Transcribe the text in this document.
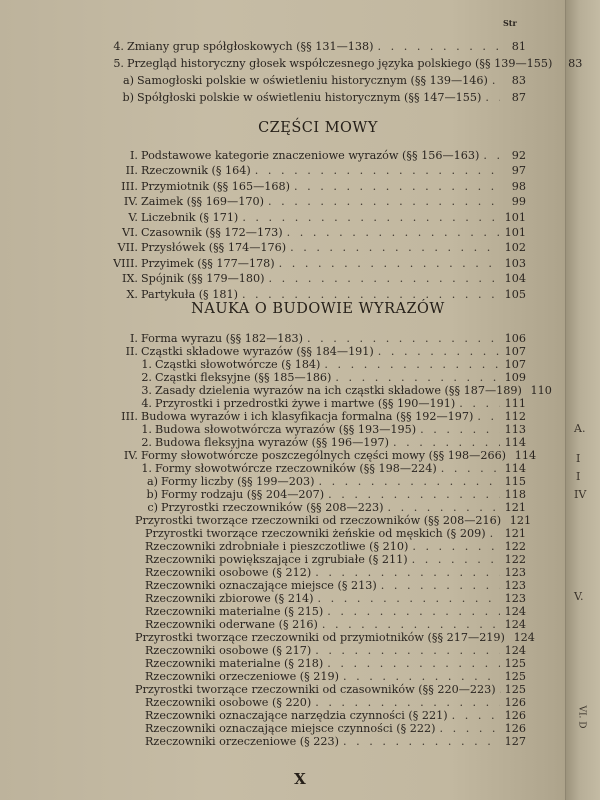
A.
I
I
IV
V.
VI. D
Str
4. Zmiany grup spółgłoskowych (§§ 131—138) . . .	81
5. Przegląd historyczny głosek współczesnego języka polskiego (§§ 139—155)	83
a) Samogłoski polskie w oświetleniu historycznym (§§ 139—146) . . .	83
b) Spółgłoski polskie w oświetleniu historycznym (§§ 147—155) . . .	87
CZĘŚCI MOWY
I. Podstawowe kategorie znaczeniowe wyrazów (§§ 156—163) . . .	92
II. Rzeczownik (§ 164) . . .	97
III. Przymiotnik (§§ 165—168) . . .	98
IV. Zaimek (§§ 169—170) . . .	99
V. Liczebnik (§ 171) . . .	101
VI. Czasownik (§§ 172—173) . . .	101
VII. Przysłówek (§§ 174—176) . . .	102
VIII. Przyimek (§§ 177—178) . . .	103
IX. Spójnik (§§ 179—180) . . .	104
X. Partykuła (§ 181) . . .	105
NAUKA O BUDOWIE WYRAZÓW
I. Forma wyrazu (§§ 182—183) . . .	106
II. Cząstki składowe wyrazów (§§ 184—191) . . .	107
1. Cząstki słowotwórcze (§ 184) . . .	107
2. Cząstki fleksyjne (§§ 185—186) . . .	109
3. Zasady dzielenia wyrazów na ich cząstki składowe (§§ 187—189) 110
4. Przyrostki i przedrostki żywe i martwe (§§ 190—191) . . .	111
III. Budowa wyrazów i ich klasyfikacja formalna (§§ 192—197) . . .	112
1. Budowa słowotwórcza wyrazów (§§ 193—195) . . .	113
2. Budowa fleksyjna wyrazów (§§ 196—197) . . .	114
IV. Formy słowotwórcze poszczególnych części mowy (§§ 198—266) 114
1. Formy słowotwórcze rzeczowników (§§ 198—224) . . .	114
a) Formy liczby (§§ 199—203) . . .	115
b) Formy rodzaju (§§ 204—207) . . .	118
c) Przyrostki rzeczowników (§§ 208—223) . . .	121
Przyrostki tworzące rzeczowniki od rzeczowników (§§ 208—216) 121
Przyrostki tworzące rzeczowniki żeńskie od męskich (§ 209) . . . 121
Rzeczowniki zdrobniałe i pieszczotliwe (§ 210) . . .	122
Rzeczowniki powiększające i zgrubiałe (§ 211) . . .	122
Rzeczowniki osobowe (§ 212) . . .	123
Rzeczowniki oznaczające miejsce (§ 213) . . .	123
Rzeczowniki zbiorowe (§ 214) . . .	123
Rzeczowniki materialne (§ 215) . . .	124
Rzeczowniki oderwane (§ 216) . . .	124
Przyrostki tworzące rzeczowniki od przymiotników (§§ 217—219) 124
Rzeczowniki osobowe (§ 217) . . .	124
Rzeczowniki materialne (§ 218) . . .	125
Rzeczowniki orzeczeniowe (§ 219) . . .	125
Przyrostki tworzące rzeczowniki od czasowników (§§ 220—223) . . . 125
Rzeczowniki osobowe (§ 220) . . .	126
Rzeczowniki oznaczające narzędzia czynności (§ 221) . . .	126
Rzeczowniki oznaczające miejsce czynności (§ 222) . . .	126
Rzeczowniki orzeczeniowe (§ 223) . . .	127
X
